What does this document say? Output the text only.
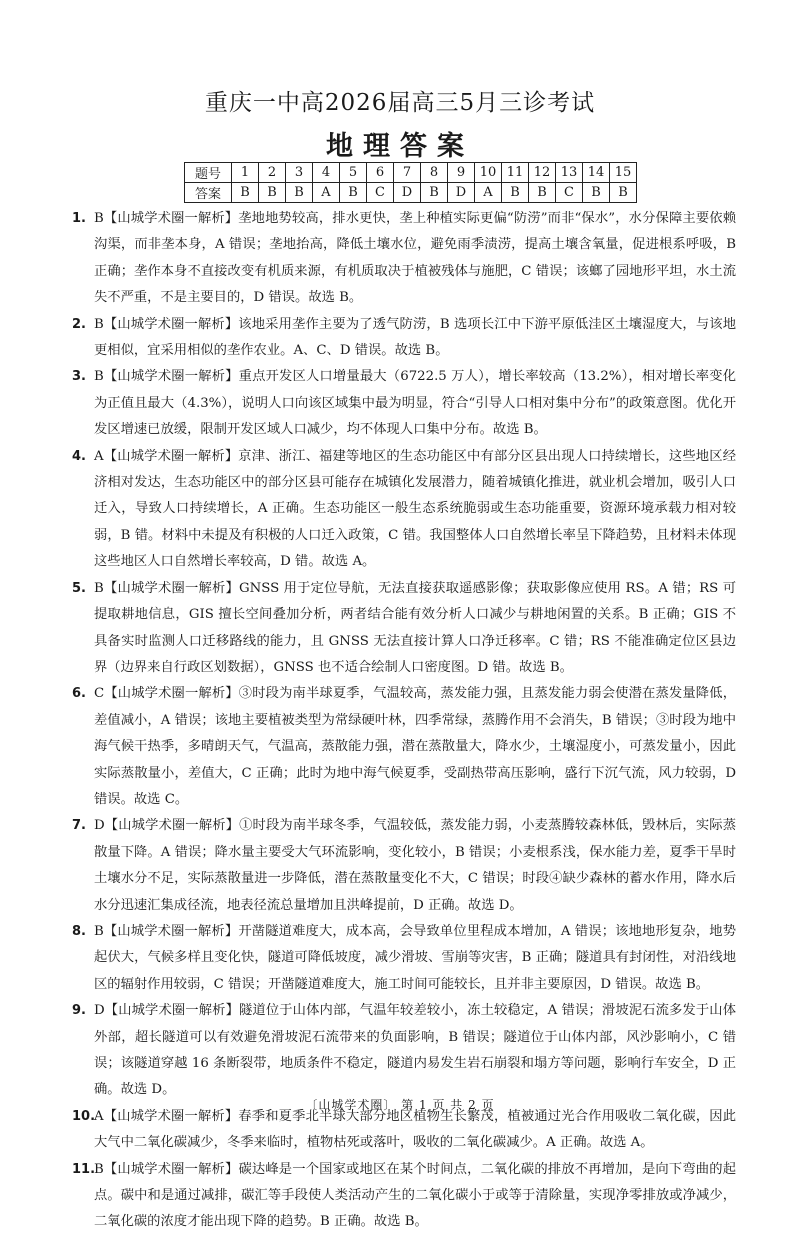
重庆一中高2026届高三5月三诊考试
地理答案
题号	1	2	3	4	5	6	7	8	9	10	11	12	13	14	15
答案	B	B	B	A	B	C	D	B	D	A	B	B	C	B	B
1. B【山城学术圈一解析】垄地地势较高，排水更快，垄上种植实际更偏“防涝”而非“保水”，水分保障主要依赖沟渠，而非垄本身，A 错误；垄地抬高，降低土壤水位，避免雨季渍涝，提高土壤含氧量，促进根系呼吸，B 正确；垄作本身不直接改变有机质来源，有机质取决于植被残体与施肥，C 错误；该螂了园地形平坦，水土流失不严重，不是主要目的，D 错误。故选 B。
2. B【山城学术圈一解析】该地采用垄作主要为了透气防涝，B 选项长江中下游平原低洼区土壤湿度大，与该地更相似，宜采用相似的垄作农业。A、C、D 错误。故选 B。
3. B【山城学术圈一解析】重点开发区人口增量最大（6722.5 万人），增长率较高（13.2%），相对增长率变化为正值且最大（4.3%），说明人口向该区域集中最为明显，符合“引导人口相对集中分布”的政策意图。优化开发区增速已放缓，限制开发区域人口减少，均不体现人口集中分布。故选 B。
4. A【山城学术圈一解析】京津、浙江、福建等地区的生态功能区中有部分区县出现人口持续增长，这些地区经济相对发达，生态功能区中的部分区县可能存在城镇化发展潜力，随着城镇化推进，就业机会增加，吸引人口迁入，导致人口持续增长，A 正确。生态功能区一般生态系统脆弱或生态功能重要，资源环境承载力相对较弱，B 错。材料中未提及有积极的人口迁入政策，C 错。我国整体人口自然增长率呈下降趋势，且材料未体现这些地区人口自然增长率较高，D 错。故选 A。
5. B【山城学术圈一解析】GNSS 用于定位导航，无法直接获取遥感影像；获取影像应使用 RS。A 错；RS 可提取耕地信息，GIS 擅长空间叠加分析，两者结合能有效分析人口减少与耕地闲置的关系。B 正确；GIS 不具备实时监测人口迁移路线的能力，且 GNSS 无法直接计算人口净迁移率。C 错；RS 不能准确定位区县边界（边界来自行政区划数据），GNSS 也不适合绘制人口密度图。D 错。故选 B。
6. C【山城学术圈一解析】③时段为南半球夏季，气温较高，蒸发能力强，且蒸发能力弱会使潜在蒸发量降低，差值减小，A 错误；该地主要植被类型为常绿硬叶林，四季常绿，蒸腾作用不会消失，B 错误；③时段为地中海气候干热季，多晴朗天气，气温高，蒸散能力强，潜在蒸散量大，降水少，土壤湿度小，可蒸发量小，因此实际蒸散量小，差值大，C 正确；此时为地中海气候夏季，受副热带高压影响，盛行下沉气流，风力较弱，D 错误。故选 C。
7. D【山城学术圈一解析】①时段为南半球冬季，气温较低，蒸发能力弱，小麦蒸腾较森林低，毁林后，实际蒸散量下降。A 错误；降水量主要受大气环流影响，变化较小，B 错误；小麦根系浅，保水能力差，夏季干旱时土壤水分不足，实际蒸散量进一步降低，潜在蒸散量变化不大，C 错误；时段④缺少森林的蓄水作用，降水后水分迅速汇集成径流，地表径流总量增加且洪峰提前，D 正确。故选 D。
8. B【山城学术圈一解析】开凿隧道难度大，成本高，会导致单位里程成本增加，A 错误；该地地形复杂，地势起伏大，气候多样且变化快，隧道可降低坡度，减少滑坡、雪崩等灾害，B 正确；隧道具有封闭性，对沿线地区的辐射作用较弱，C 错误；开凿隧道难度大，施工时间可能较长，且并非主要原因，D 错误。故选 B。
9. D【山城学术圈一解析】隧道位于山体内部，气温年较差较小，冻土较稳定，A 错误；滑坡泥石流多发于山体外部，超长隧道可以有效避免滑坡泥石流带来的负面影响，B 错误；隧道位于山体内部，风沙影响小，C 错误；该隧道穿越 16 条断裂带，地质条件不稳定，隧道内易发生岩石崩裂和塌方等问题，影响行车安全，D 正确。故选 D。
10.
A【山城学术圈一解析】春季和夏季北半球大部分地区植物生长繁茂，植被通过光合作用吸收二氧化碳，因此大气中二氧化碳减少，冬季来临时，植物枯死或落叶，吸收的二氧化碳减少。A 正确。故选 A。
11.
B【山城学术圈一解析】碳达峰是一个国家或地区在某个时间点，二氧化碳的排放不再增加，是向下弯曲的起点。碳中和是通过减排，碳汇等手段使人类活动产生的二氧化碳小于或等于清除量，实现净零排放或净减少，二氧化碳的浓度才能出现下降的趋势。B 正确。故选 B。
〔山城学术圈〕 第 1 页 共 2 页
